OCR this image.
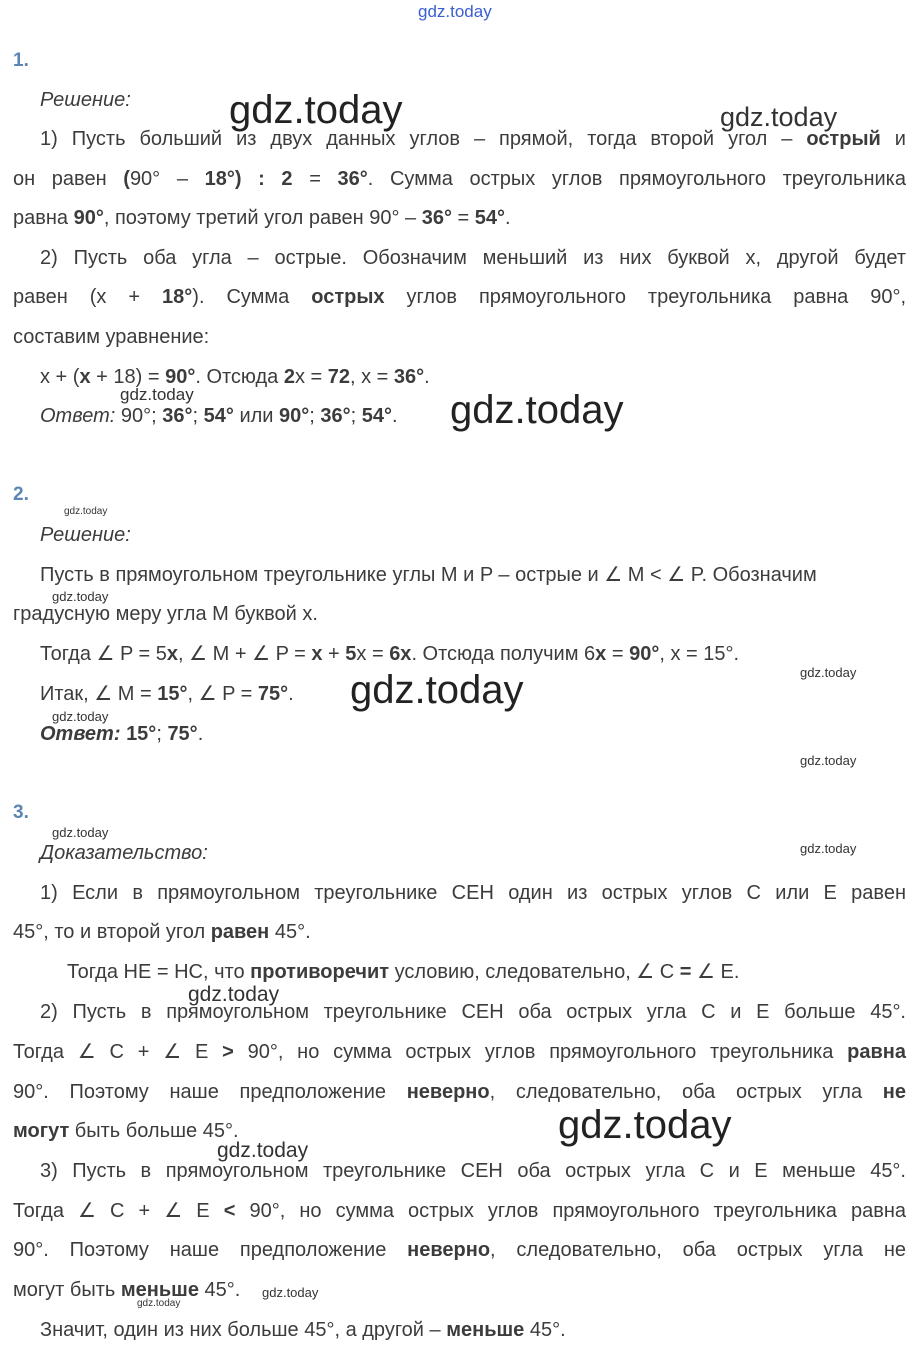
gdz.today
gdz.today	gdz.today
gdz.today
gdz.today
gdz.today
gdz.today
gdz.today
gdz.today
gdz.today
gdz.today
gdz.today
gdz.today
gdz.today
gdz.today
gdz.today
gdz.today
gdz.today
1.
Решение:
1) Пусть больший из двух данных углов – прямой, тогда второй угол – острый и
он равен (90° – 18°) : 2 = 36°. Сумма острых углов прямоугольного треугольника
равна 90°, поэтому третий угол равен 90° – 36° = 54°.
2) Пусть оба угла – острые. Обозначим меньший из них буквой x, другой будет
равен (x + 18°). Сумма острых углов прямоугольного треугольника равна 90°,
составим уравнение:
x + (x + 18) = 90°. Отсюда 2x = 72, x = 36°.
Ответ: 90°; 36°; 54° или 90°; 36°; 54°.
2.
Решение:
Пусть в прямоугольном треугольнике углы M и P – острые и ∠ M < ∠ P. Обозначим
градусную меру угла M буквой x.
Тогда ∠ P = 5x, ∠ M + ∠ P = x + 5x = 6x. Отсюда получим 6x = 90°, x = 15°.
Итак, ∠ M = 15°, ∠ P = 75°.
Ответ: 15°; 75°.
3.
Доказательство:
1) Если в прямоугольном треугольнике CEH один из острых углов C или E равен
45°, то и второй угол равен 45°.
Тогда HE = HC, что противоречит условию, следовательно, ∠ C = ∠ E.
2) Пусть в прямоугольном треугольнике CEH оба острых угла C и E больше 45°.
Тогда ∠ C + ∠ E > 90°, но сумма острых углов прямоугольного треугольника равна
90°. Поэтому наше предположение неверно, следовательно, оба острых угла не
могут быть больше 45°.
3) Пусть в прямоугольном треугольнике CEH оба острых угла C и E меньше 45°.
Тогда ∠ C + ∠ E < 90°, но сумма острых углов прямоугольного треугольника равна
90°. Поэтому наше предположение неверно, следовательно, оба острых угла не
могут быть меньше 45°.
Значит, один из них больше 45°, а другой – меньше 45°.
